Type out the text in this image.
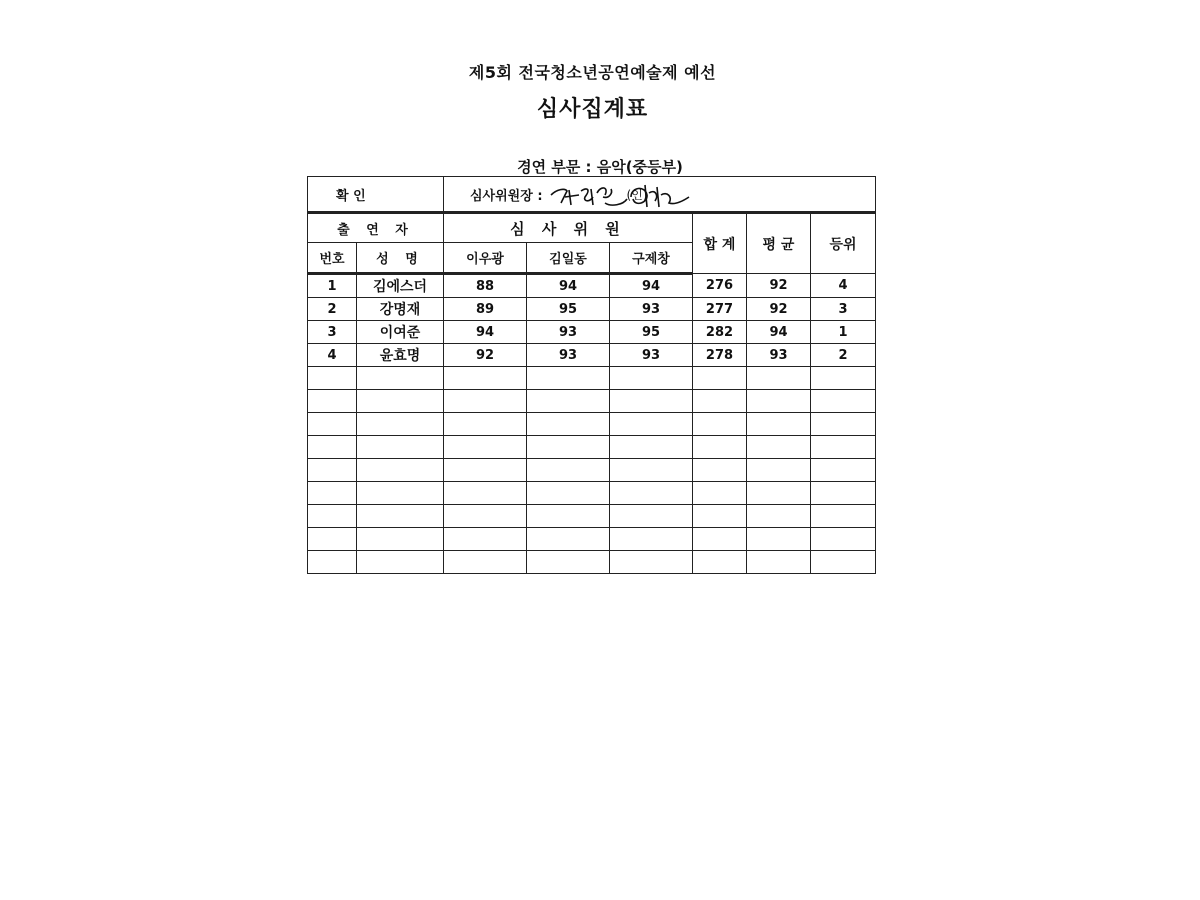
제5회 전국청소년공연예술제 예선
심사집계표
경연 부문 : 음악(중등부)
확 인		심사위원장 : (인)					

출 연 자		심 사 위 원			합 계	평 균	등위
번호	성 명	이우광	김일동	구제창			
1	김에스더	88	94	94	276	92	4
2	강명재	89	95	93	277	92	3
3	이여준	94	93	95	282	94	1
4	윤효명	92	93	93	278	93	2
